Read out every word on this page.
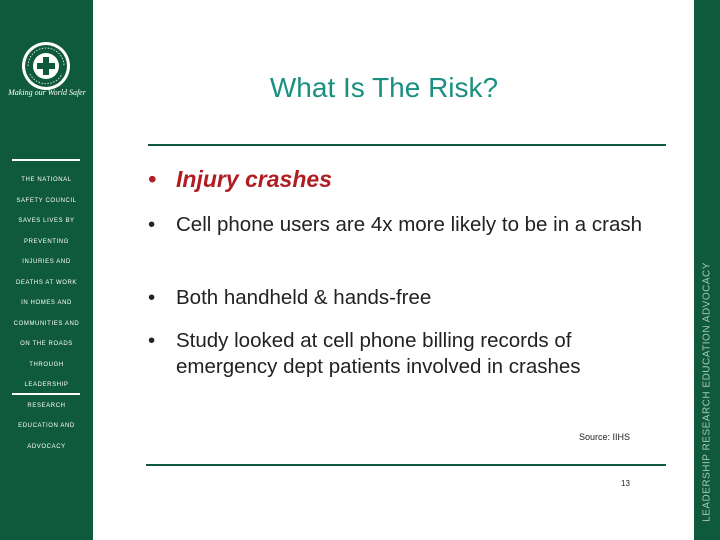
Making our World Safer
THE NATIONAL
SAFETY COUNCIL
SAVES LIVES BY
PREVENTING
INJURIES AND
DEATHS AT WORK
IN HOMES AND
COMMUNITIES AND
ON THE ROADS
THROUGH
LEADERSHIP
RESEARCH
EDUCATION AND
ADVOCACY	LEADERSHIP RESEARCH EDUCATION ADVOCACY
What Is The Risk?
• Injury crashes
•	Cell phone users are 4x more likely to be in a crash
•	Both handheld & hands-free
•	Study looked at cell phone billing records of emergency dept patients involved in crashes
Source: IIHS
13
